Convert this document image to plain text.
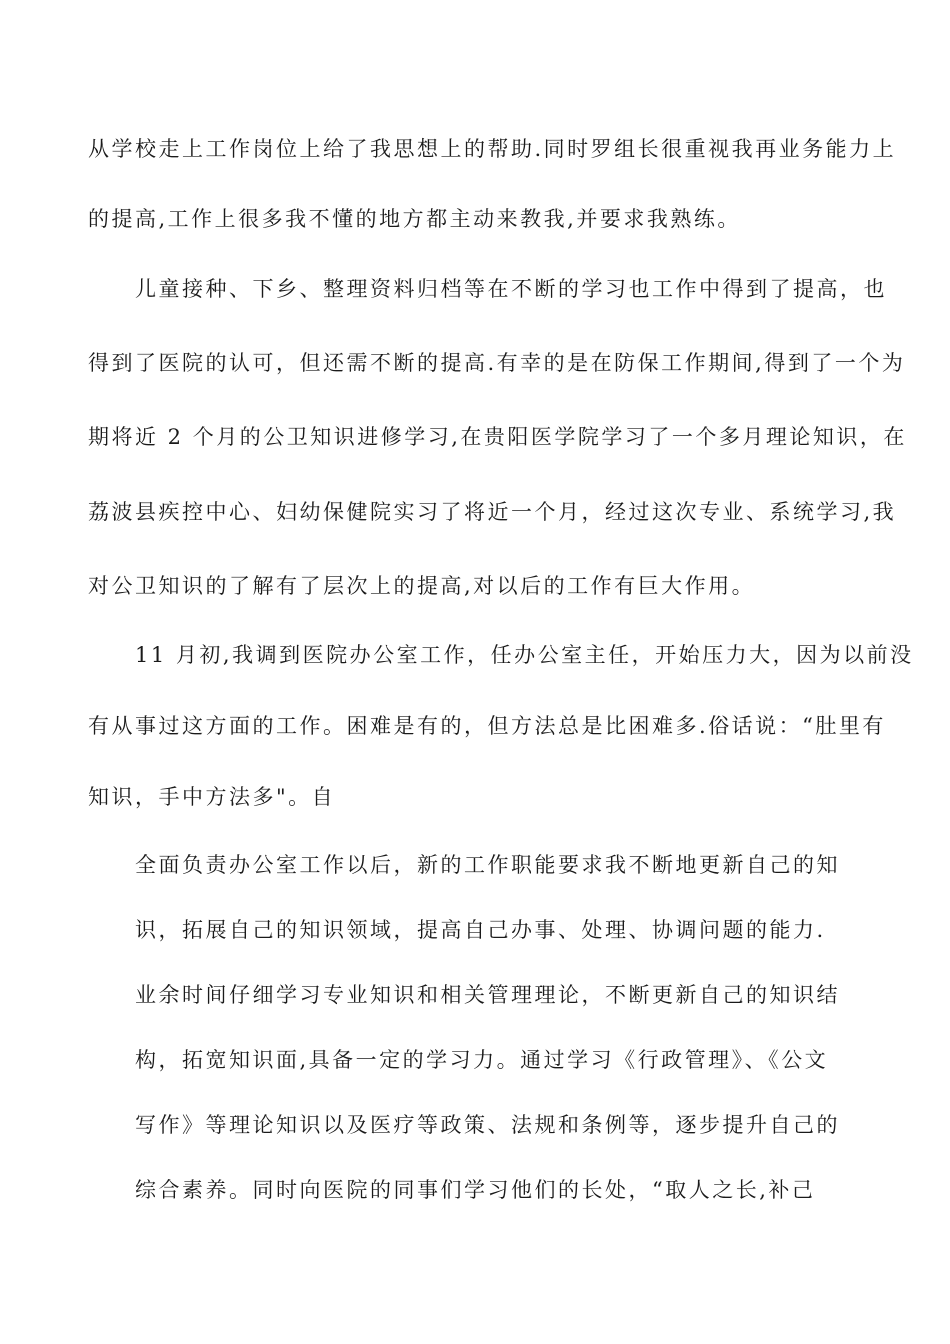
从学校走上工作岗位上给了我思想上的帮助.同时罗组长很重视我再业务能力上
的提高,工作上很多我不懂的地方都主动来教我,并要求我熟练。
儿童接种、下乡、整理资料归档等在不断的学习也工作中得到了提高，也
得到了医院的认可，但还需不断的提高.有幸的是在防保工作期间,得到了一个为
期将近 2 个月的公卫知识进修学习,在贵阳医学院学习了一个多月理论知识，在
荔波县疾控中心、妇幼保健院实习了将近一个月，经过这次专业、系统学习,我
对公卫知识的了解有了层次上的提高,对以后的工作有巨大作用。
11 月初,我调到医院办公室工作，任办公室主任，开始压力大，因为以前没
有从事过这方面的工作。困难是有的，但方法总是比困难多.俗话说：“肚里有
知识，手中方法多"。自
全面负责办公室工作以后，新的工作职能要求我不断地更新自己的知
识，拓展自己的知识领域，提高自己办事、处理、协调问题的能力.
业余时间仔细学习专业知识和相关管理理论，不断更新自己的知识结
构，拓宽知识面,具备一定的学习力。通过学习《行政管理》、《公文
写作》等理论知识以及医疗等政策、法规和条例等，逐步提升自己的
综合素养。同时向医院的同事们学习他们的长处，“取人之长,补己
